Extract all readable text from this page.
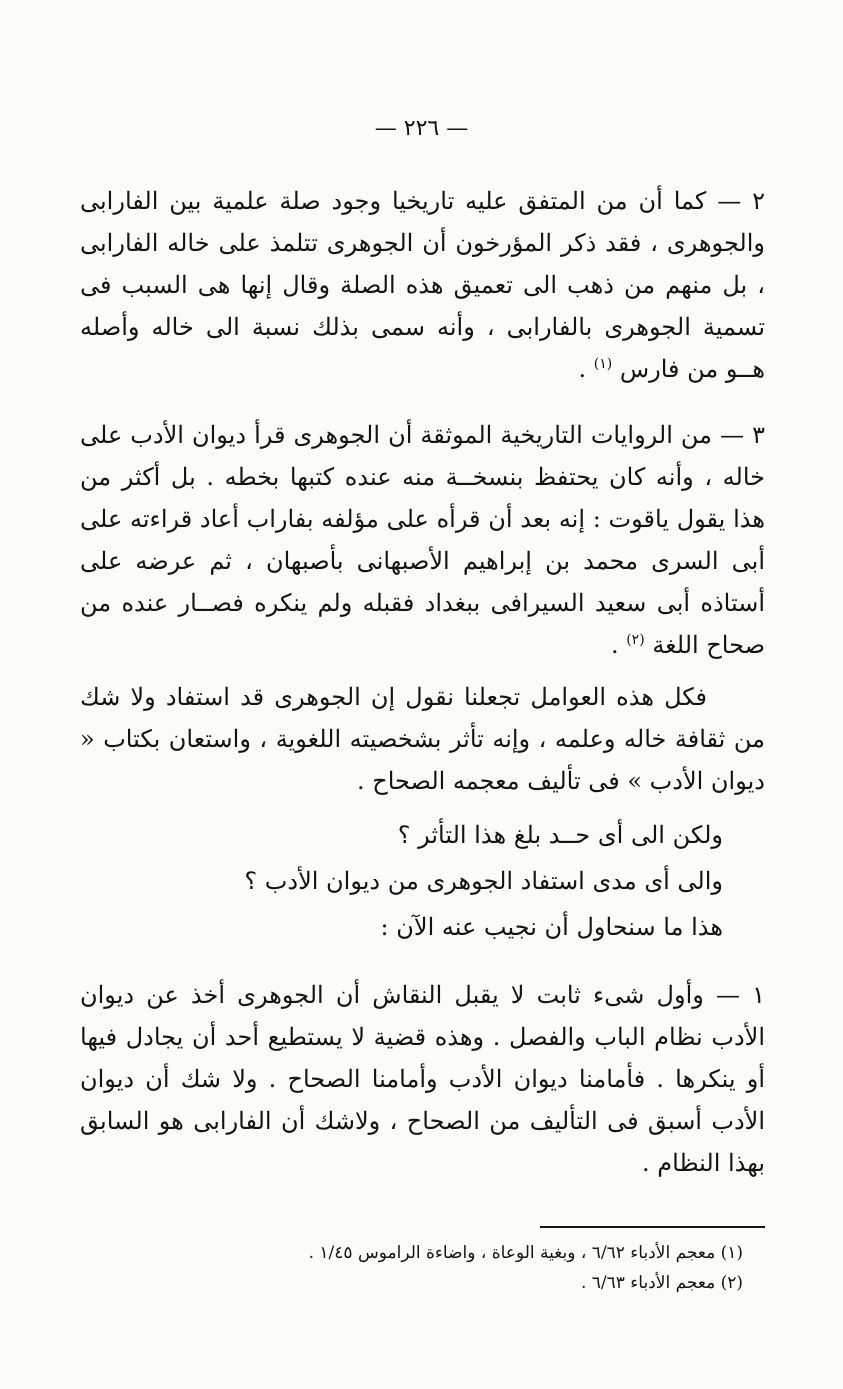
— ٢٢٦ —

٢ — كما أن من المتفق عليه تاريخيا وجود صلة علمية بين الفارابى والجوهرى ، فقد ذكر المؤرخون أن الجوهرى تتلمذ على خاله الفارابى ، بل منهم من ذهب الى تعميق هذه الصلة وقال إنها هى السبب فى تسمية الجوهرى بالفارابى ، وأنه سمى بذلك نسبة الى خاله وأصله هــو من فارس $^{(١)}$ .

٣ — من الروايات التاريخية الموثقة أن الجوهرى قرأ ديوان الأدب على خاله ، وأنه كان يحتفظ بنسخــة منه عنده كتبها بخطه . بل أكثر من هذا يقول ياقوت : إنه بعد أن قرأه على مؤلفه بفاراب أعاد قراءته على أبى السرى محمد بن إبراهيم الأصبهانى بأصبهان ، ثم عرضه على أستاذه أبى سعيد السيرافى ببغداد فقبله ولم ينكره فصــار عنده من صحاح اللغة $^{(٢)}$ .

فكل هذه العوامل تجعلنا نقول إن الجوهرى قد استفاد ولا شك من ثقافة خاله وعلمه ، وإنه تأثر بشخصيته اللغوية ، واستعان بكتاب « ديوان الأدب » فى تأليف معجمه الصحاح .

ولكن الى أى حــد بلغ هذا التأثر ؟

والى أى مدى استفاد الجوهرى من ديوان الأدب ؟

هذا ما سنحاول أن نجيب عنه الآن :

١ — وأول شىء ثابت لا يقبل النقاش أن الجوهرى أخذ عن ديوان الأدب نظام الباب والفصل . وهذه قضية لا يستطيع أحد أن يجادل فيها أو ينكرها . فأمامنا ديوان الأدب وأمامنا الصحاح . ولا شك أن ديوان الأدب أسبق فى التأليف من الصحاح ، ولاشك أن الفارابى هو السابق بهذا النظام .

(١) معجم الأدباء ٦/٦٢ ، وبغية الوعاة ، واضاءة الراموس ١/٤٥ .

(٢) معجم الأدباء ٦/٦٣ .
